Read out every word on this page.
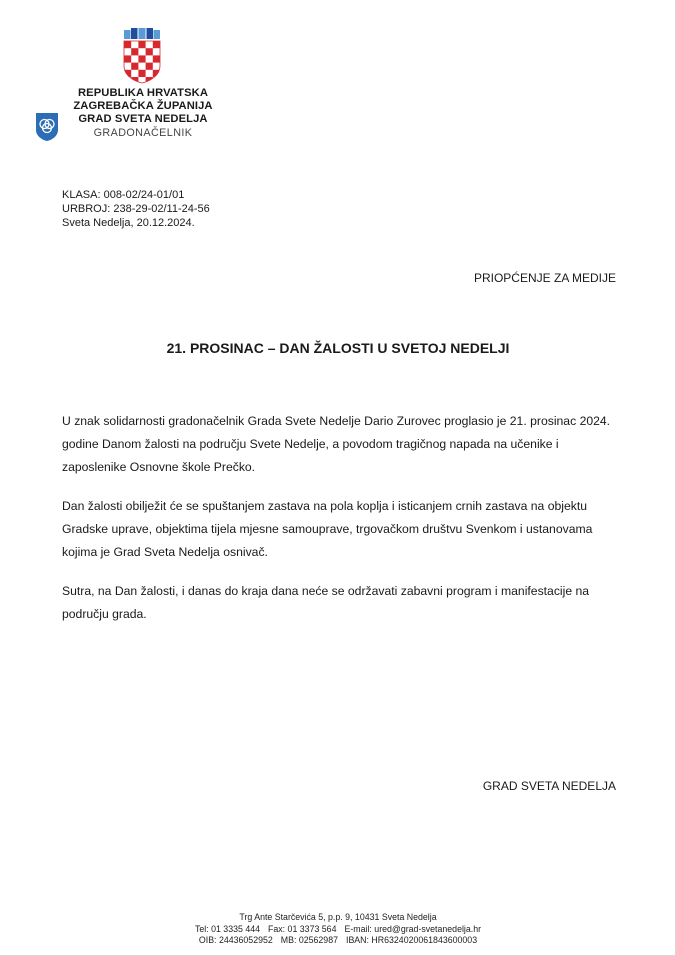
REPUBLIKA HRVATSKA
ZAGREBAČKA ŽUPANIJA
GRAD SVETA NEDELJA
GRADONAČELNIK
KLASA: 008-02/24-01/01
URBROJ: 238-29-02/11-24-56
Sveta Nedelja, 20.12.2024.
PRIOPĆENJE ZA MEDIJE
21. PROSINAC – DAN ŽALOSTI U SVETOJ NEDELJI

U znak solidarnosti gradonačelnik Grada Svete Nedelje Dario Zurovec proglasio je 21. prosinac 2024. godine Danom žalosti na području Svete Nedelje, a povodom tragičnog napada na učenike i zaposlenike Osnovne škole Prečko.

Dan žalosti obilježit će se spuštanjem zastava na pola koplja i isticanjem crnih zastava na objektu Gradske uprave, objektima tijela mjesne samouprave, trgovačkom društvu Svenkom i ustanovama kojima je Grad Sveta Nedelja osnivač.

Sutra, na Dan žalosti, i danas do kraja dana neće se održavati zabavni program i manifestacije na području grada.

GRAD SVETA NEDELJA
Trg Ante Starčevića 5, p.p. 9, 10431 Sveta Nedelja
Tel: 01 3335 444 Fax: 01 3373 564 E-mail: ured@grad-svetanedelja.hr
OIB: 24436052952 MB: 02562987 IBAN: HR6324020061843600003
